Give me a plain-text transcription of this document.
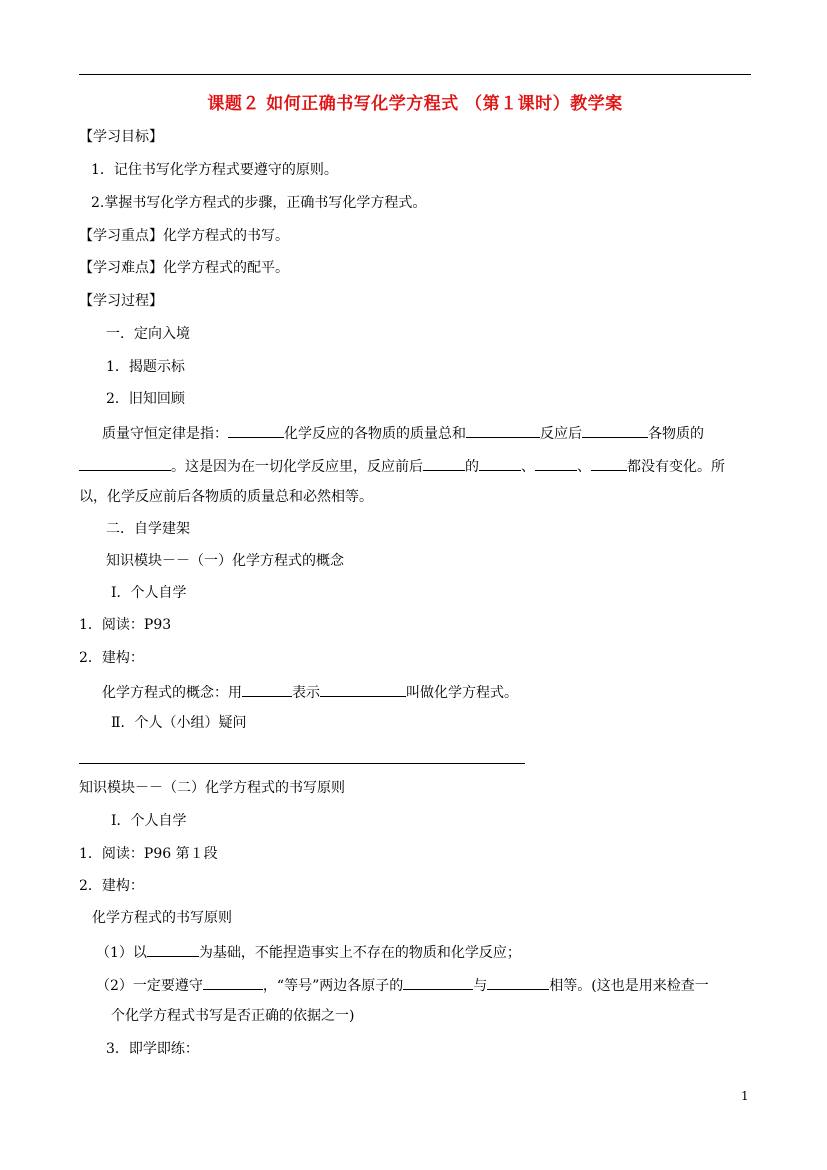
课题２ 如何正确书写化学方程式 （第１课时）教学案
【学习目标】
1．记住书写化学方程式要遵守的原则。
2.掌握书写化学方程式的步骤，正确书写化学方程式。
【学习重点】化学方程式的书写。
【学习难点】化学方程式的配平。
【学习过程】
一．定向入境
1．揭题示标
2．旧知回顾
质量守恒定律是指：	化学反应的各物质的质量总和	反应后	各物质的
。这是因为在一切化学反应里，反应前后	的	、	、	都没有变化。所
以，化学反应前后各物质的质量总和必然相等。
二．自学建架
知识模块－－（一）化学方程式的概念
Ⅰ．个人自学
1．阅读：P93
2．建构：
化学方程式的概念：用	表示	叫做化学方程式。
Ⅱ．个人（小组）疑问
知识模块－－（二）化学方程式的书写原则
Ⅰ．个人自学
1．阅读：P96 第１段
2．建构：
化学方程式的书写原则
（1）以	为基础，不能捏造事实上不存在的物质和化学反应；
（2）一定要遵守	，“等号”两边各原子的	与	相等。(这也是用来检查一
个化学方程式书写是否正确的依据之一)
3．即学即练：
1
